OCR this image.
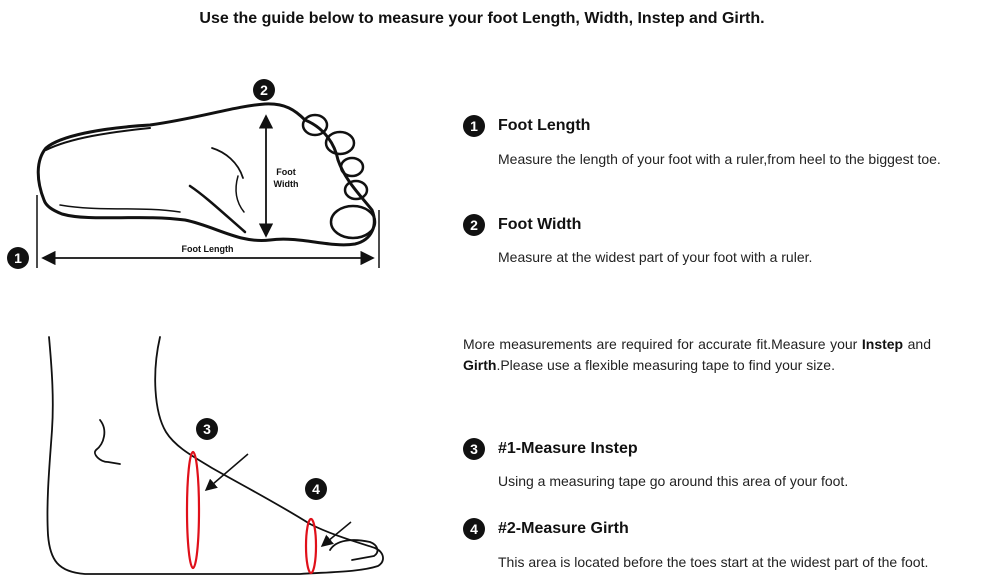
Use the guide below to measure your foot Length, Width, Instep and Girth.
Foot
Width
Foot Length
1
2
3
4
1	Foot Length
Measure the length of your foot with a ruler,from heel to the biggest toe.
2	Foot Width
Measure at the widest part of your foot with a ruler.
More measurements are required for accurate fit.Measure your Instep and Girth.Please use a flexible measuring tape to find your size.
3	#1-Measure Instep
Using a measuring tape go around this area of your foot.
4	#2-Measure Girth
This area is located before the toes start at the widest part of the foot.
